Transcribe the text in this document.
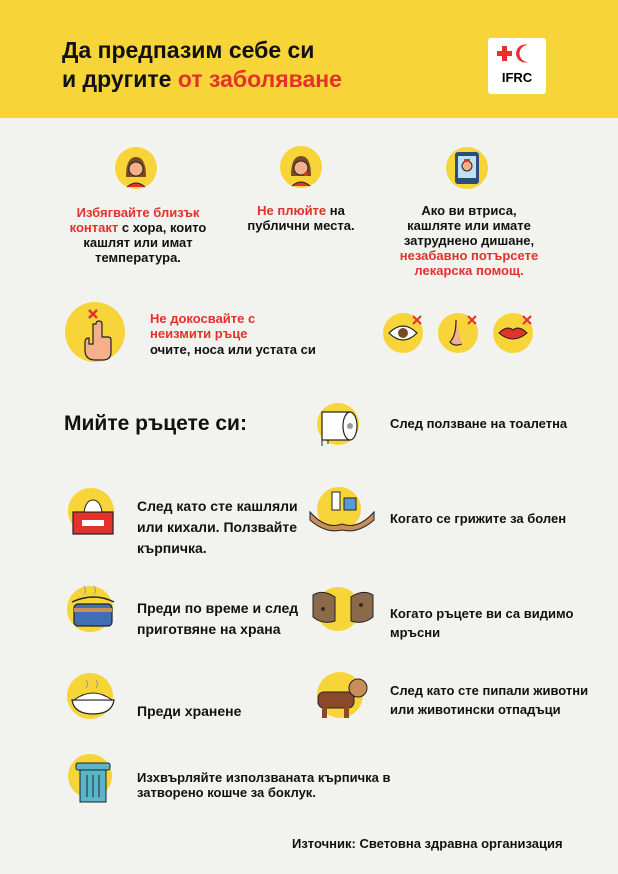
Да предпазим себе си
и другите от заболяване	IFRC
Избягвайте близък контакт с хора, които кашлят или имат температура.
Не плюйте на публични места.
Ако ви втриса, кашляте или имате затруднено дишане, незабавно потърсете лекарска помощ.
Не докосвайте с неизмити ръце
очите, носа или устата си
Мийте ръцете си:	След ползване на тоалетна
След като сте кашляли или кихали. Ползвайте кърпичка.
Когато се грижите за болен
Преди по време и след приготвяне на храна
Когато ръцете ви са видимо мръсни
Преди хранене
След като сте пипали животни или животински отпадъци
Изхвърляйте използваната кърпичка в затворено кошче за боклук.
Източник: Световна здравна организация
